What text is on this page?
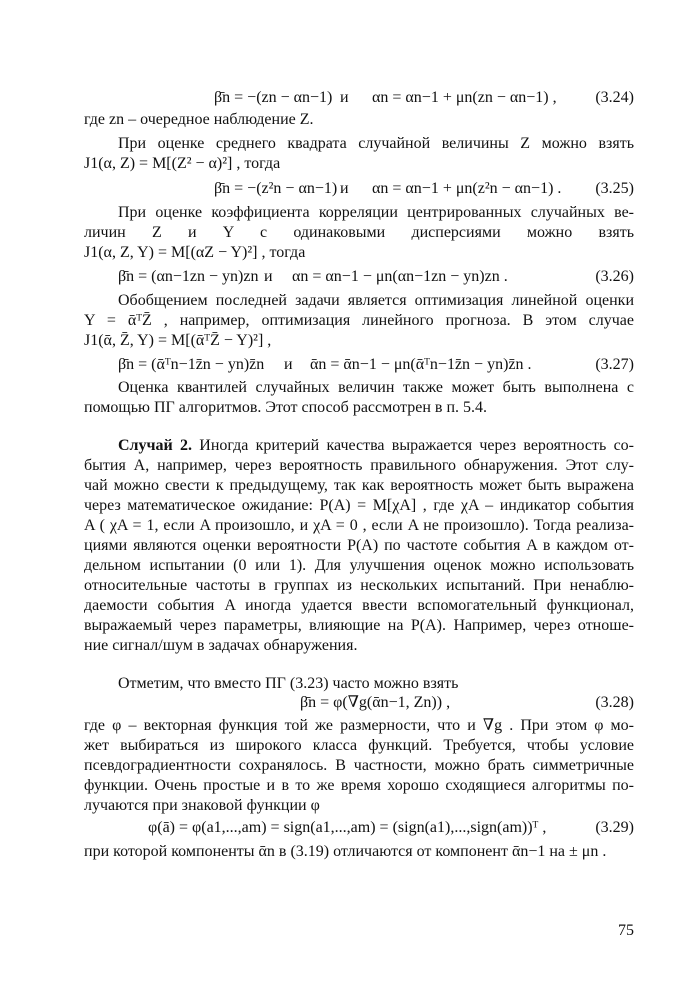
β̄n = −(zn − αn−1) и αn = αn−1 + μn(zn − αn−1) , (3.24)
где zn – очередное наблюдение Z.
При оценке среднего квадрата случайной величины Z можно взять
J1(α, Z) = M[(Z² − α)²] , тогда
β̄n = −(z²n − αn−1) и αn = αn−1 + μn(z²n − αn−1) . (3.25)
При оценке коэффициента корреляции центрированных случайных ве-
личин Z и Y с одинаковыми дисперсиями можно взять
J1(α, Z, Y) = M[(αZ − Y)²] , тогда
β̄n = (αn−1zn − yn)zn и αn = αn−1 − μn(αn−1zn − yn)zn .	(3.26)
Обобщением последней задачи является оптимизация линейной оценки
Y = ᾱᵀZ̄ , например, оптимизация линейного прогноза. В этом случае
J1(ᾱ, Z̄, Y) = M[(ᾱᵀZ̄ − Y)²] ,
β̄n = (ᾱᵀn−1z̄n − yn)z̄n и ᾱn = ᾱn−1 − μn(ᾱᵀn−1z̄n − yn)z̄n .	(3.27)
Оценка квантилей случайных величин также может быть выполнена с
помощью ПГ алгоритмов. Этот способ рассмотрен в п. 5.4.
Случай 2. Иногда критерий качества выражается через вероятность со-
бытия А, например, через вероятность правильного обнаружения. Этот слу-
чай можно свести к предыдущему, так как вероятность может быть выражена
через математическое ожидание: P(A) = M[χA] , где χA – индикатор события
A ( χA = 1, если A произошло, и χA = 0 , если A не произошло). Тогда реализа-
циями являются оценки вероятности P(A) по частоте события A в каждом от-
дельном испытании (0 или 1). Для улучшения оценок можно использовать
относительные частоты в группах из нескольких испытаний. При ненаблю-
даемости события A иногда удается ввести вспомогательный функционал,
выражаемый через параметры, влияющие на P(A). Например, через отноше-
ние сигнал/шум в задачах обнаружения.
Отметим, что вместо ПГ (3.23) часто можно взять
β̄n = φ(∇g(ᾱn−1, Zn)) ,	(3.28)
где φ – векторная функция той же размерности, что и ∇g . При этом φ мо-
жет выбираться из широкого класса функций. Требуется, чтобы условие
псевдоградиентности сохранялось. В частности, можно брать симметричные
функции. Очень простые и в то же время хорошо сходящиеся алгоритмы по-
лучаются при знаковой функции φ
φ(ā) = φ(a1,...,am) = sign(a1,...,am) = (sign(a1),...,sign(am))ᵀ ,	(3.29)
при которой компоненты ᾱn в (3.19) отличаются от компонент ᾱn−1 на ± μn .
75
